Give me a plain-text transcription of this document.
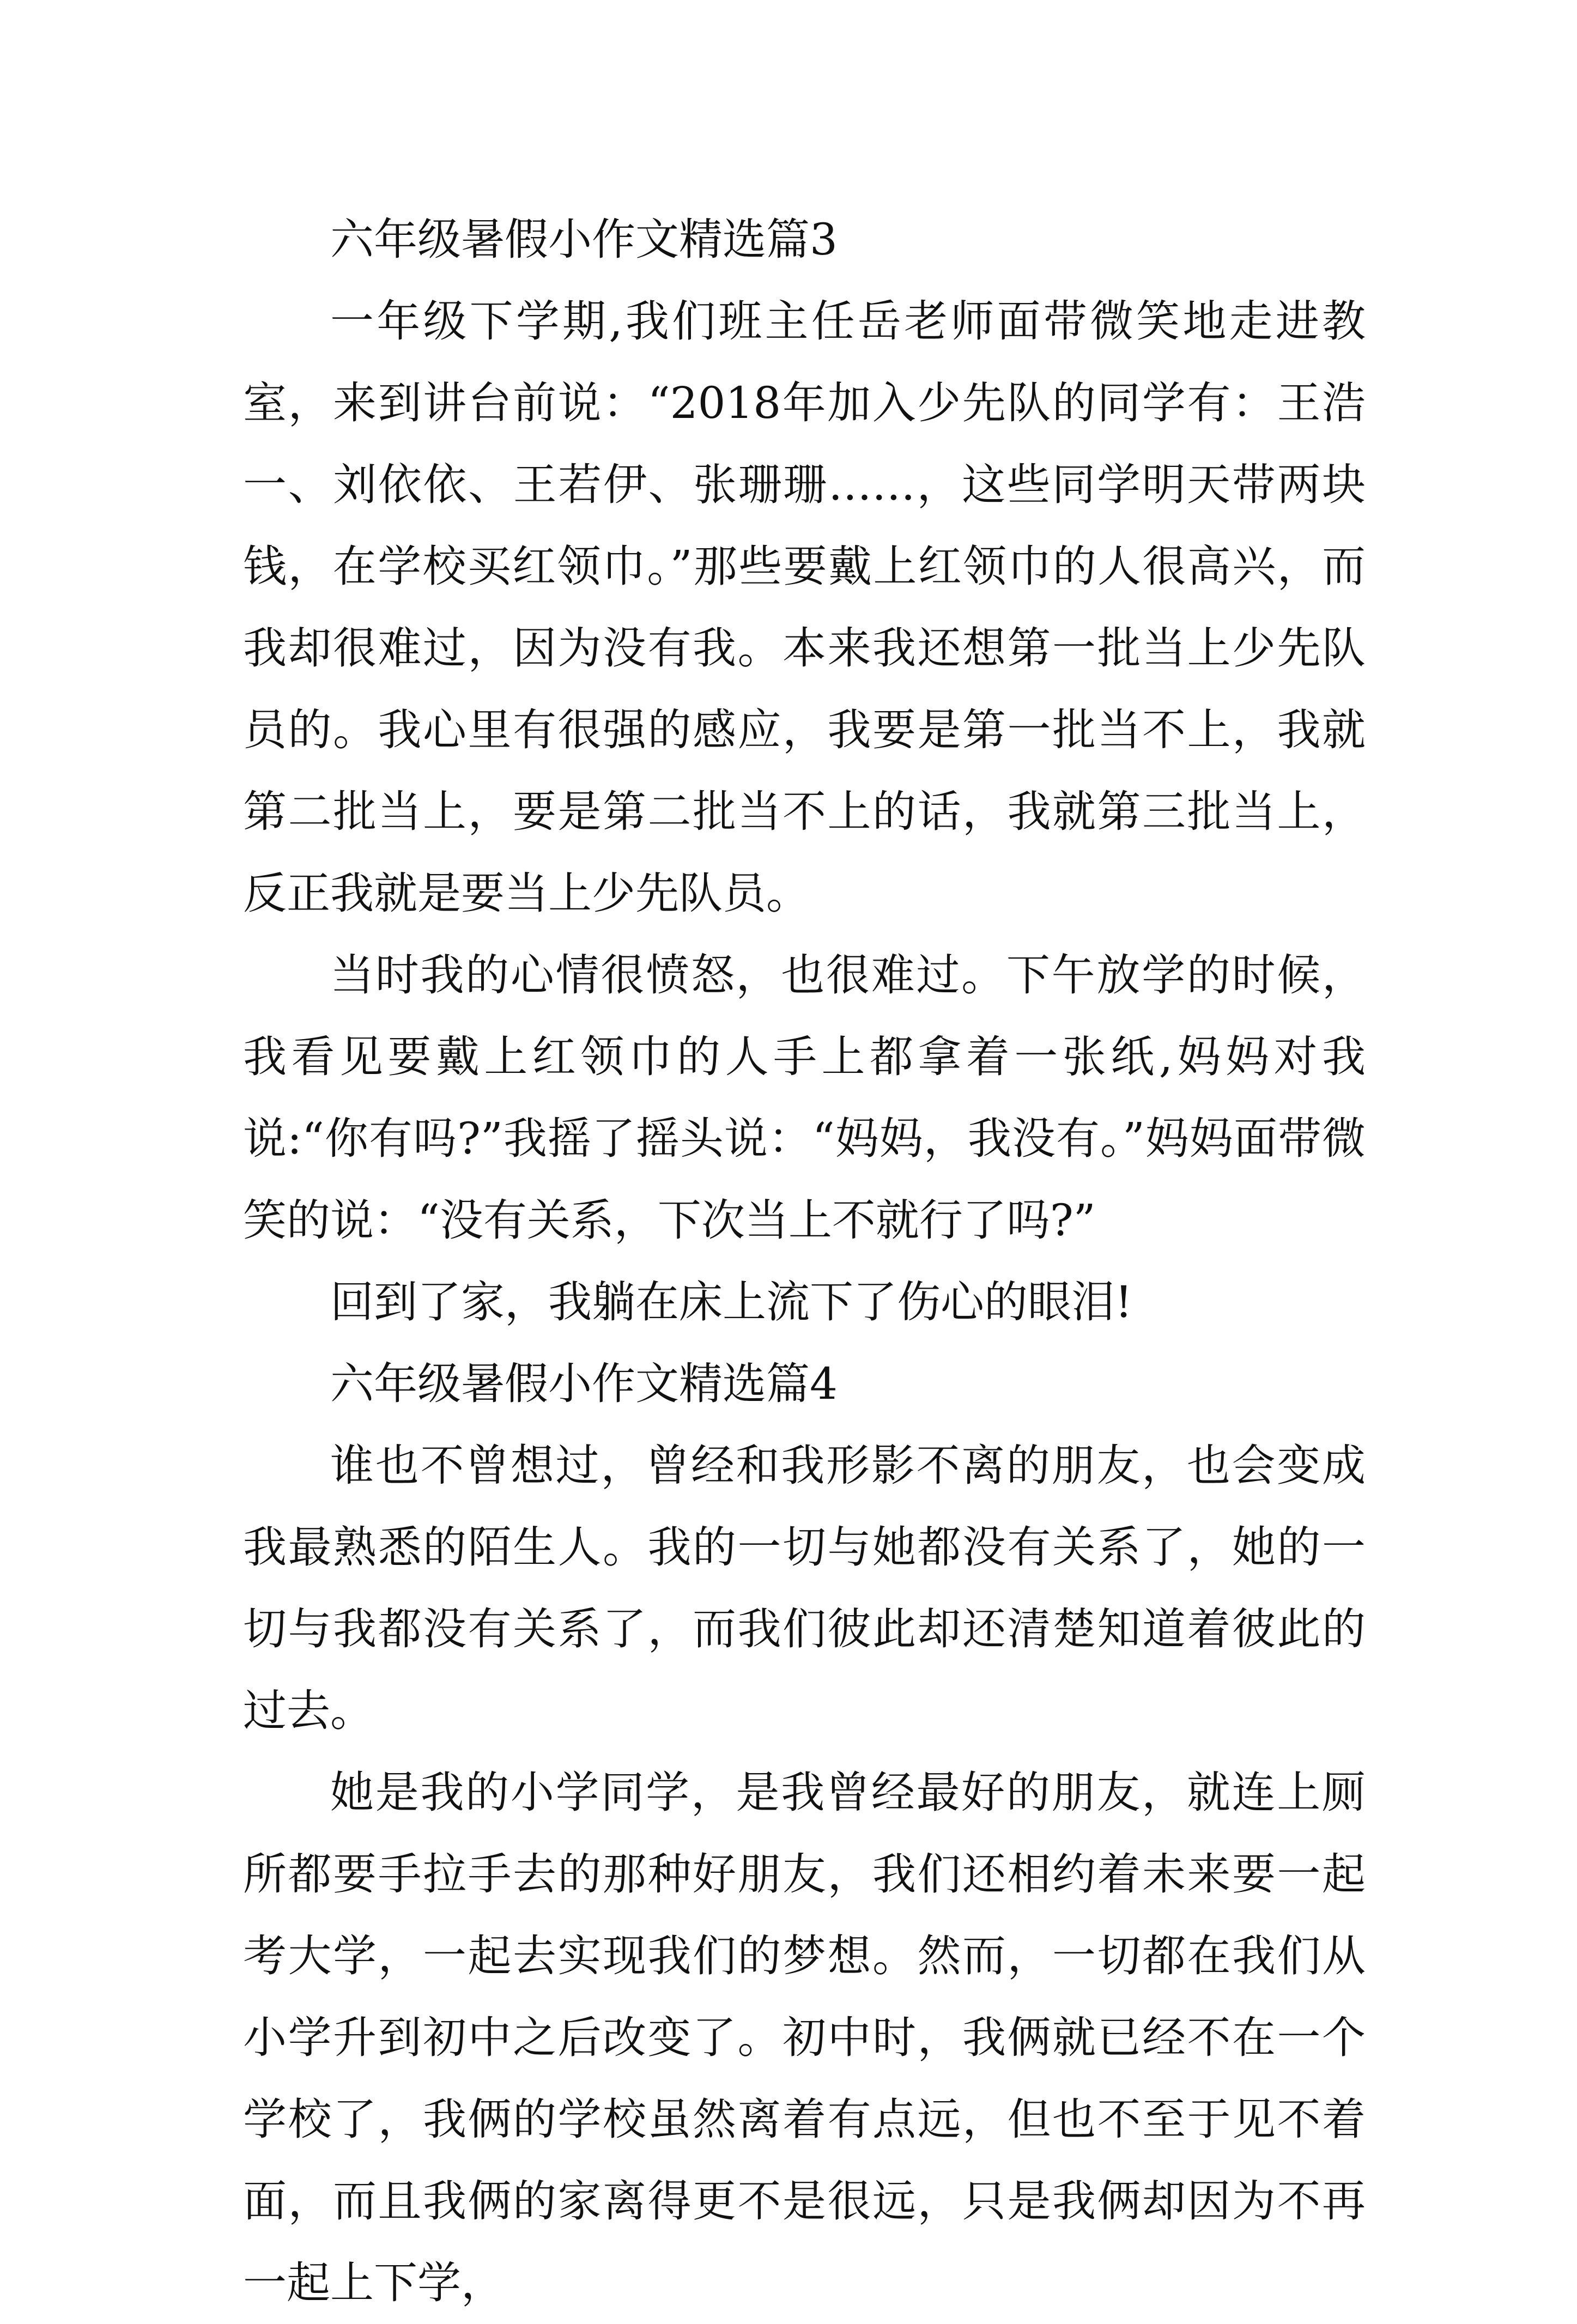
六年级暑假小作文精选篇3

一年级下学期,我们班主任岳老师面带微笑地走进教室，来到讲台前说：“2018年加入少先队的同学有：王浩一、刘依依、王若伊、张珊珊……，这些同学明天带两块钱，在学校买红领巾。”那些要戴上红领巾的人很高兴，而我却很难过，因为没有我。本来我还想第一批当上少先队员的。我心里有很强的感应，我要是第一批当不上，我就第二批当上，要是第二批当不上的话，我就第三批当上，反正我就是要当上少先队员。

当时我的心情很愤怒，也很难过。下午放学的时候，我看见要戴上红领巾的人手上都拿着一张纸,妈妈对我说:“你有吗?”我摇了摇头说：“妈妈，我没有。”妈妈面带微笑的说：“没有关系，下次当上不就行了吗?”

回到了家，我躺在床上流下了伤心的眼泪!

六年级暑假小作文精选篇4

谁也不曾想过，曾经和我形影不离的朋友，也会变成我最熟悉的陌生人。我的一切与她都没有关系了，她的一切与我都没有关系了，而我们彼此却还清楚知道着彼此的过去。

她是我的小学同学，是我曾经最好的朋友，就连上厕所都要手拉手去的那种好朋友，我们还相约着未来要一起考大学，一起去实现我们的梦想。然而，一切都在我们从小学升到初中之后改变了。初中时，我俩就已经不在一个学校了，我俩的学校虽然离着有点远，但也不至于见不着面，而且我俩的家离得更不是很远，只是我俩却因为不再一起上下学，
